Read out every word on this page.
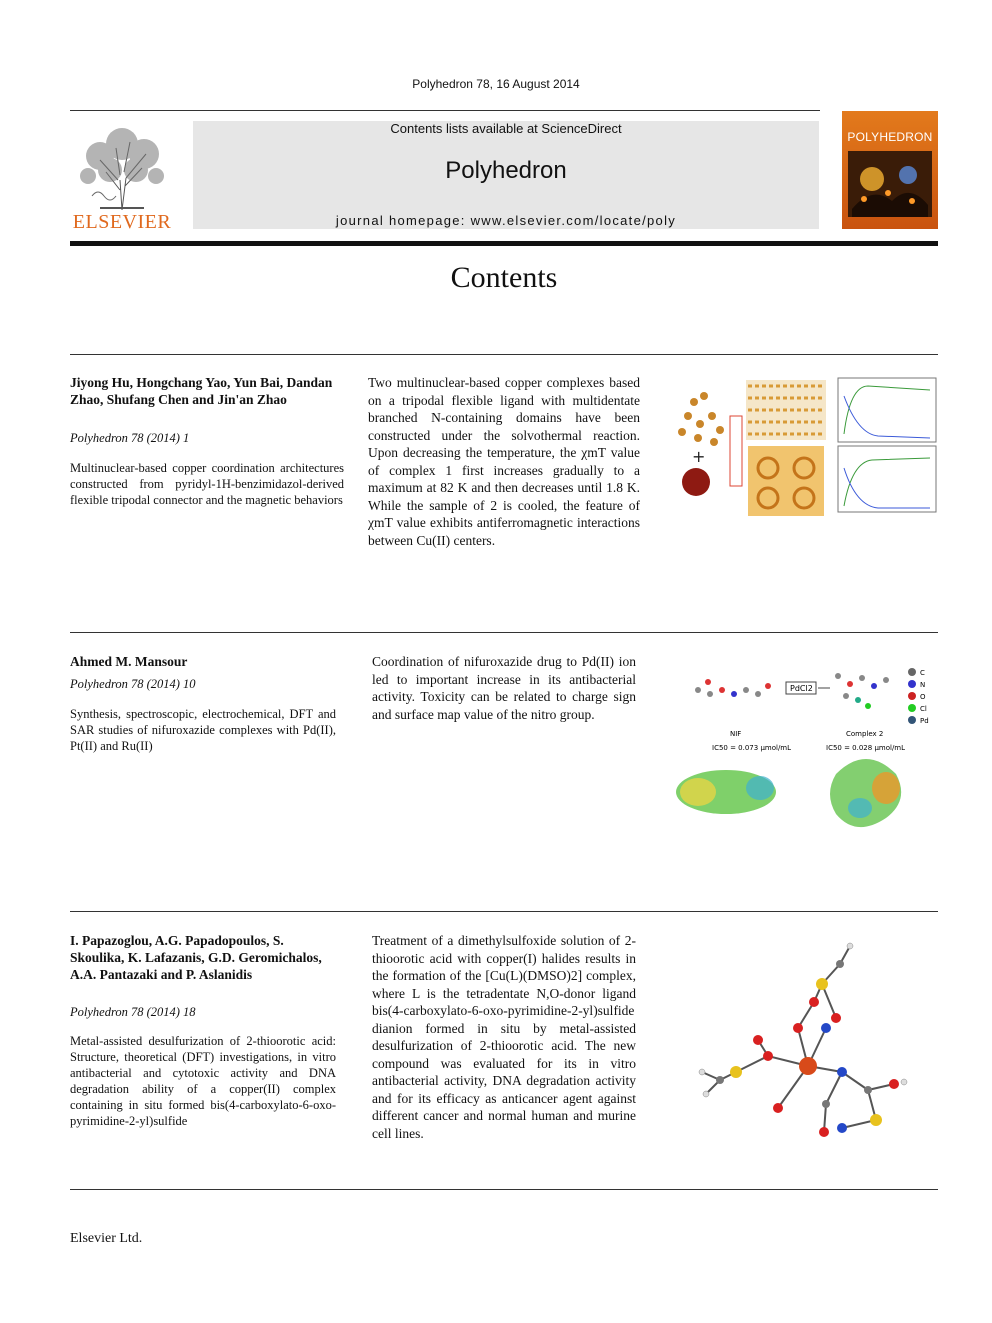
Polyhedron 78, 16 August 2014
ELSEVIER
Contents lists available at ScienceDirect
Polyhedron
journal homepage: www.elsevier.com/locate/poly
POLYHEDRON
Contents
Jiyong Hu, Hongchang Yao, Yun Bai, Dandan Zhao, Shufang Chen and Jin'an Zhao
Polyhedron 78 (2014) 1
Multinuclear-based copper coordination architectures constructed from pyridyl-1H-benzimidazol-derived flexible tripodal connector and the magnetic behaviors
Two multinuclear-based copper complexes based on a tripodal flexible ligand with multidentate branched N-containing domains have been constructed under the solvothermal reaction. Upon decreasing the temperature, the χmT value of complex 1 first increases gradually to a maximum at 82 K and then decreases until 1.8 K. While the sample of 2 is cooled, the feature of χmT value exhibits antiferromagnetic interactions between Cu(II) centers.
+
Ahmed M. Mansour
Polyhedron 78 (2014) 10
Synthesis, spectroscopic, electrochemical, DFT and SAR studies of nifuroxazide complexes with Pd(II), Pt(II) and Ru(II)
Coordination of nifuroxazide drug to Pd(II) ion led to important increase in its antibacterial activity. Toxicity can be related to charge sign and surface map value of the nitro group.
PdCl2
C
N
O
Cl
Pd
NIF	Complex 2
IC50 = 0.073 μmol/mL	IC50 = 0.028 μmol/mL
I. Papazoglou, A.G. Papadopoulos, S. Skoulika, K. Lafazanis, G.D. Geromichalos, A.A. Pantazaki and P. Aslanidis
Polyhedron 78 (2014) 18
Metal-assisted desulfurization of 2-thioorotic acid: Structure, theoretical (DFT) investigations, in vitro antibacterial and cytotoxic activity and DNA degradation ability of a copper(II) complex containing in situ formed bis(4-carboxylato-6-oxo-pyrimidine-2-yl)sulfide
Treatment of a dimethylsulfoxide solution of 2-thioorotic acid with copper(I) halides results in the formation of the [Cu(L)(DMSO)2] complex, where L is the tetradentate N,O-donor ligand bis(4-carboxylato-6-oxo-pyrimidine-2-yl)sulfide dianion formed in situ by metal-assisted desulfurization of 2-thioorotic acid. The new compound was evaluated for its in vitro antibacterial activity, DNA degradation activity and for its efficacy as anticancer agent against different cancer and normal human and murine cell lines.
Elsevier Ltd.
